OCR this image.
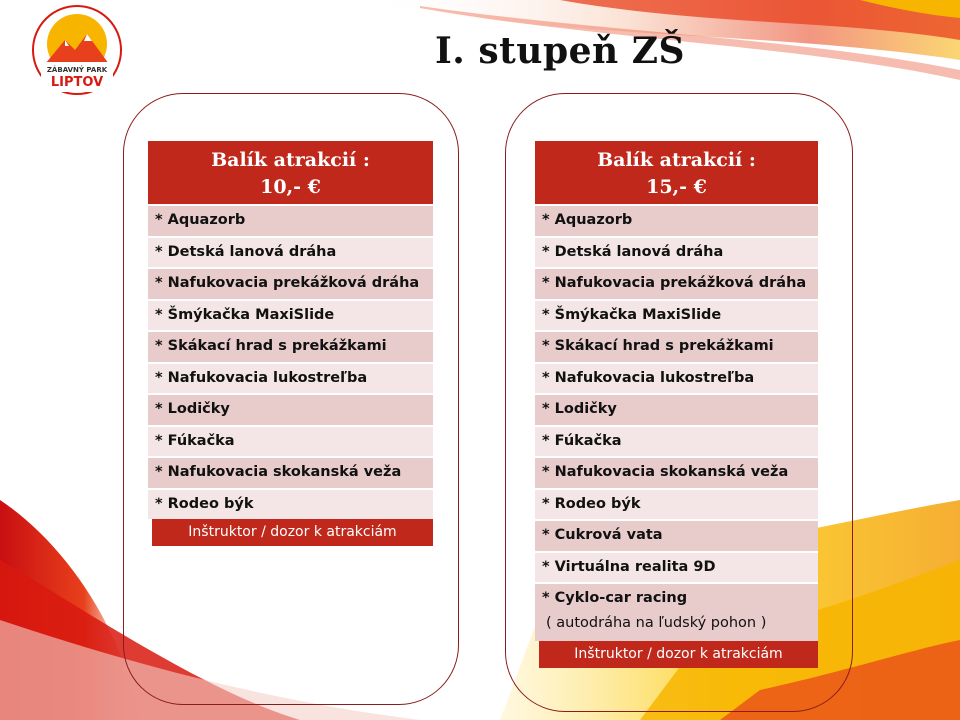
ZÁBAVNÝ PARK
LIPTOV
I. stupeň ZŠ
Balík atrakcií :
10,- €
* Aquazorb
* Detská lanová dráha
* Nafukovacia prekážková dráha
* Šmýkačka MaxiSlide
* Skákací hrad s prekážkami
* Nafukovacia lukostreľba
* Lodičky
* Fúkačka
* Nafukovacia skokanská veža
* Rodeo býk
Inštruktor / dozor k atrakciám
Balík atrakcií :
15,- €
* Aquazorb
* Detská lanová dráha
* Nafukovacia prekážková dráha
* Šmýkačka MaxiSlide
* Skákací hrad s prekážkami
* Nafukovacia lukostreľba
* Lodičky
* Fúkačka
* Nafukovacia skokanská veža
* Rodeo býk
* Cukrová vata
* Virtuálna realita 9D
* Cyklo-car racing
( autodráha na ľudský pohon )
Inštruktor / dozor k atrakciám
